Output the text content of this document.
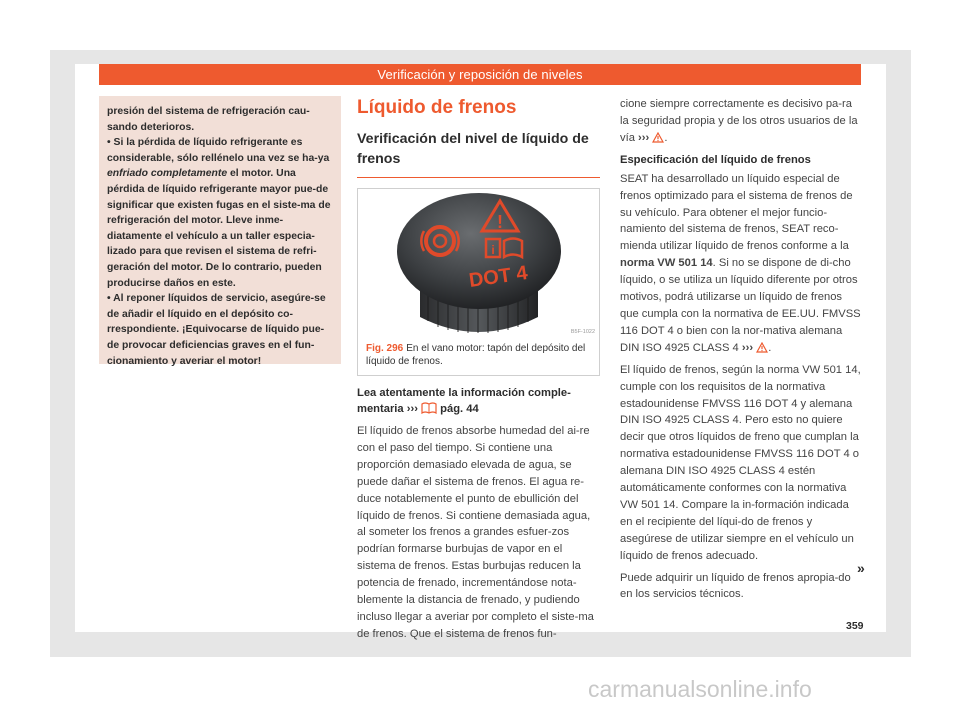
Verificación y reposición de niveles

presión del sistema de refrigeración cau-sando deterioros.

• Si la pérdida de líquido refrigerante es considerable, sólo rellénelo una vez se ha-ya enfriado completamente el motor. Una pérdida de líquido refrigerante mayor pue-de significar que existen fugas en el siste-ma de refrigeración del motor. Lleve inme-diatamente el vehículo a un taller especia-lizado para que revisen el sistema de refri-geración del motor. De lo contrario, pueden producirse daños en este.

• Al reponer líquidos de servicio, asegúre-se de añadir el líquido en el depósito co-rrespondiente. ¡Equivocarse de líquido pue-de provocar deficiencias graves en el fun-cionamiento y averiar el motor!

Líquido de frenos
Verificación del nivel de líquido de frenos
!
i
DOT 4
B5F-1022
Fig. 296 En el vano motor: tapón del depósito del líquido de frenos.
Lea atentamente la información comple-mentaria ›››  pág. 44

El líquido de frenos absorbe humedad del ai-re con el paso del tiempo. Si contiene una proporción demasiado elevada de agua, se puede dañar el sistema de frenos. El agua re-duce notablemente el punto de ebullición del líquido de frenos. Si contiene demasiada agua, al someter los frenos a grandes esfuer-zos podrían formarse burbujas de vapor en el sistema de frenos. Estas burbujas reducen la potencia de frenado, incrementándose nota-blemente la distancia de frenado, y pudiendo incluso llegar a averiar por completo el siste-ma de frenos. Que el sistema de frenos fun-

cione siempre correctamente es decisivo pa-ra la seguridad propia y de los otros usuarios de la vía ››› .

Especificación del líquido de frenos

SEAT ha desarrollado un líquido especial de frenos optimizado para el sistema de frenos de su vehículo. Para obtener el mejor funcio-namiento del sistema de frenos, SEAT reco-mienda utilizar líquido de frenos conforme a la norma VW 501 14. Si no se dispone de di-cho líquido, o se utiliza un líquido diferente por otros motivos, podrá utilizarse un líquido de frenos que cumpla con la normativa de EE.UU. FMVSS 116 DOT 4 o bien con la nor-mativa alemana DIN ISO 4925 CLASS 4 ››› .

El líquido de frenos, según la norma VW 501 14, cumple con los requisitos de la normativa estadounidense FMVSS 116 DOT 4 y alemana DIN ISO 4925 CLASS 4. Pero esto no quiere decir que otros líquidos de freno que cumplan la normativa estadounidense FMVSS 116 DOT 4 o alemana DIN ISO 4925 CLASS 4 estén automáticamente conformes con la normativa VW 501 14. Compare la in-formación indicada en el recipiente del líqui-do de frenos y asegúrese de utilizar siempre en el vehículo un líquido de frenos adecuado.

Puede adquirir un líquido de frenos apropia-do en los servicios técnicos.

»
359
carmanualsonline.info
